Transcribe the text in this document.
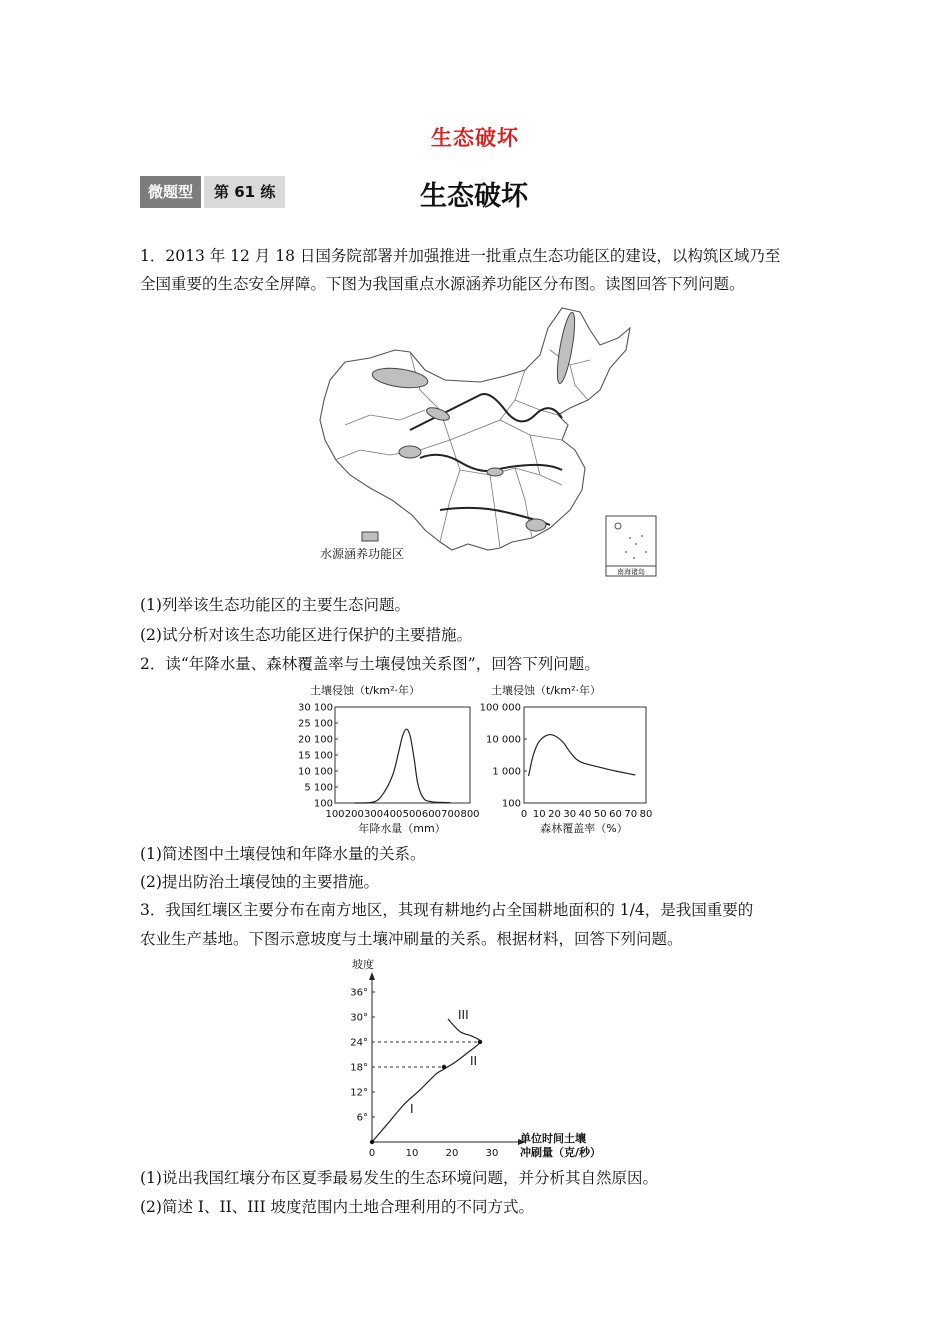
生态破坏
微题型	第 61 练	生态破坏
1．2013 年 12 月 18 日国务院部署并加强推进一批重点生态功能区的建设，以构筑区域乃至
全国重要的生态安全屏障。下图为我国重点水源涵养功能区分布图。读图回答下列问题。
水源涵养功能区
南海诸岛
(1)列举该生态功能区的主要生态问题。
(2)试分析对该生态功能区进行保护的主要措施。
2．读“年降水量、森林覆盖率与土壤侵蚀关系图”，回答下列问题。
土壤侵蚀（t/km²·年）
100
5 100
10 100
15 100
20 100
25 100
30 100
100 200 300 400 500 600 700 800
年降水量（mm）
土壤侵蚀（t/km²·年）
100
1 000
10 000
100 000
0 10 20 30 40 50 60 70 80
森林覆盖率（%）
(1)简述图中土壤侵蚀和年降水量的关系。
(2)提出防治土壤侵蚀的主要措施。
3．我国红壤区主要分布在南方地区，其现有耕地约占全国耕地面积的 1/4，是我国重要的
农业生产基地。下图示意坡度与土壤冲刷量的关系。根据材料，回答下列问题。
坡度
6°
12°
18°
24°
30°
36°
0	10	20	30
I
II
III
单位时间土壤 冲刷量（克/秒）
(1)说出我国红壤分布区夏季最易发生的生态环境问题，并分析其自然原因。
(2)简述 I、II、III 坡度范围内土地合理利用的不同方式。
